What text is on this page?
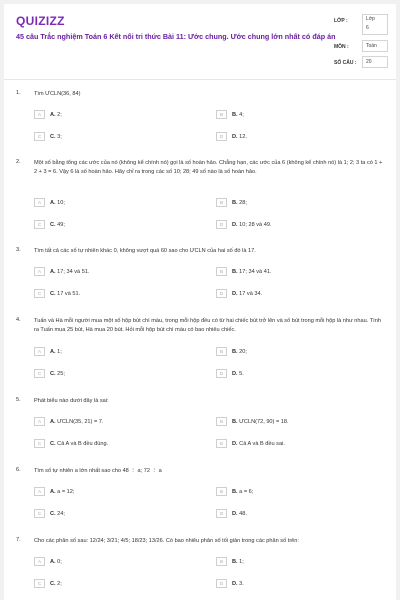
QUIZIZZ
45 câu Trắc nghiệm Toán 6 Kết nối tri thức Bài 11: Ước chung. Ước chung lớn nhất có đáp án
LỚP :	Lớp
6
MÔN :	Toán
SỐ CÂU : 20
1. Tìm ƯCLN(36, 84)
A	A. 2;	B	B. 4;
C	C. 3;	D	D. 12.
2. Một số bằng tổng các ước của nó (không kể chính nó) gọi là số hoàn hảo. Chẳng hạn, các ước của 6 (không kể chính nó) là 1; 2; 3 ta có 1 + 2 + 3 = 6. Vậy 6 là số hoàn hảo. Hãy chỉ ra trong các số 10; 28; 49 số nào là số hoàn hảo.
A	A. 10;	B	B. 28;
C	C. 49;	D	D. 10; 28 và 49.
3. Tìm tất cả các số tự nhiên khác 0, không vượt quá 60 sao cho ƯCLN của hai số đó là 17.
A	A. 17; 34 và 51.	B	B. 17; 34 và 41.
C	C. 17 và 51.	D	D. 17 và 34.
4. Tuấn và Hà mỗi người mua một số hộp bút chì màu, trong mỗi hộp đều có từ hai chiếc bút trở lên và số bút trong mỗi hộp là như nhau. Tính ra Tuấn mua 25 bút, Hà mua 20 bút. Hỏi mỗi hộp bút chì màu có bao nhiêu chiếc.
A	A. 1;	B	B. 20;
C	C. 25;	D	D. 5.
5. Phát biểu nào dưới đây là sai:
A	A. ƯCLN(35, 21) = 7.	B	B. ƯCLN(72, 90) = 18.
C	C. Cả A và B đều đúng.	D	D. Cả A và B đều sai.
6. Tìm số tự nhiên a lớn nhất sao cho 48 ⋮ a; 72 ⋮ a
A	A. a = 12;	B	B. a = 6;
C	C. 24;	D	D. 48.
7. Cho các phân số sau: 12/24; 3/21; 4/5; 18/23; 13/26. Có bao nhiêu phân số tối giản trong các phân số trên:
A	A. 0;	B	B. 1;
C	C. 2;	D	D. 3.
